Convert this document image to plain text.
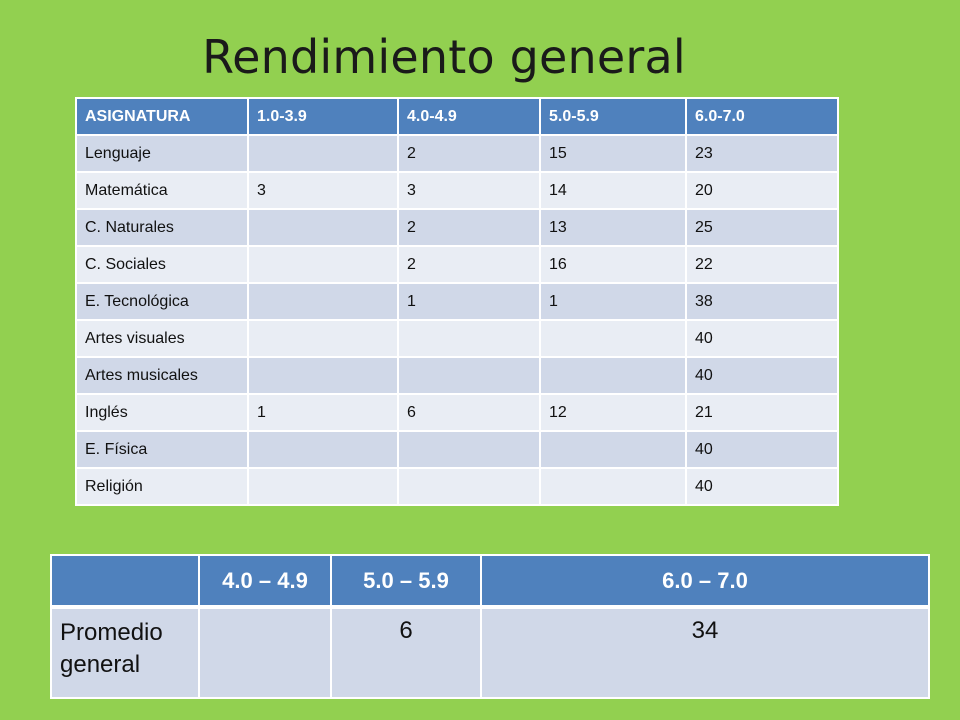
Rendimiento general
ASIGNATURA	1.0-3.9	4.0-4.9	5.0-5.9	6.0-7.0
Lenguaje		2	15	23
Matemática	3	3	14	20
C. Naturales		2	13	25
C. Sociales		2	16	22
E. Tecnológica		1	1	38
Artes visuales				40
Artes musicales				40
Inglés	1	6	12	21
E. Física				40
Religión				40
	4.0 – 4.9	5.0 – 5.9	6.0 – 7.0
Promedio general		6	34
